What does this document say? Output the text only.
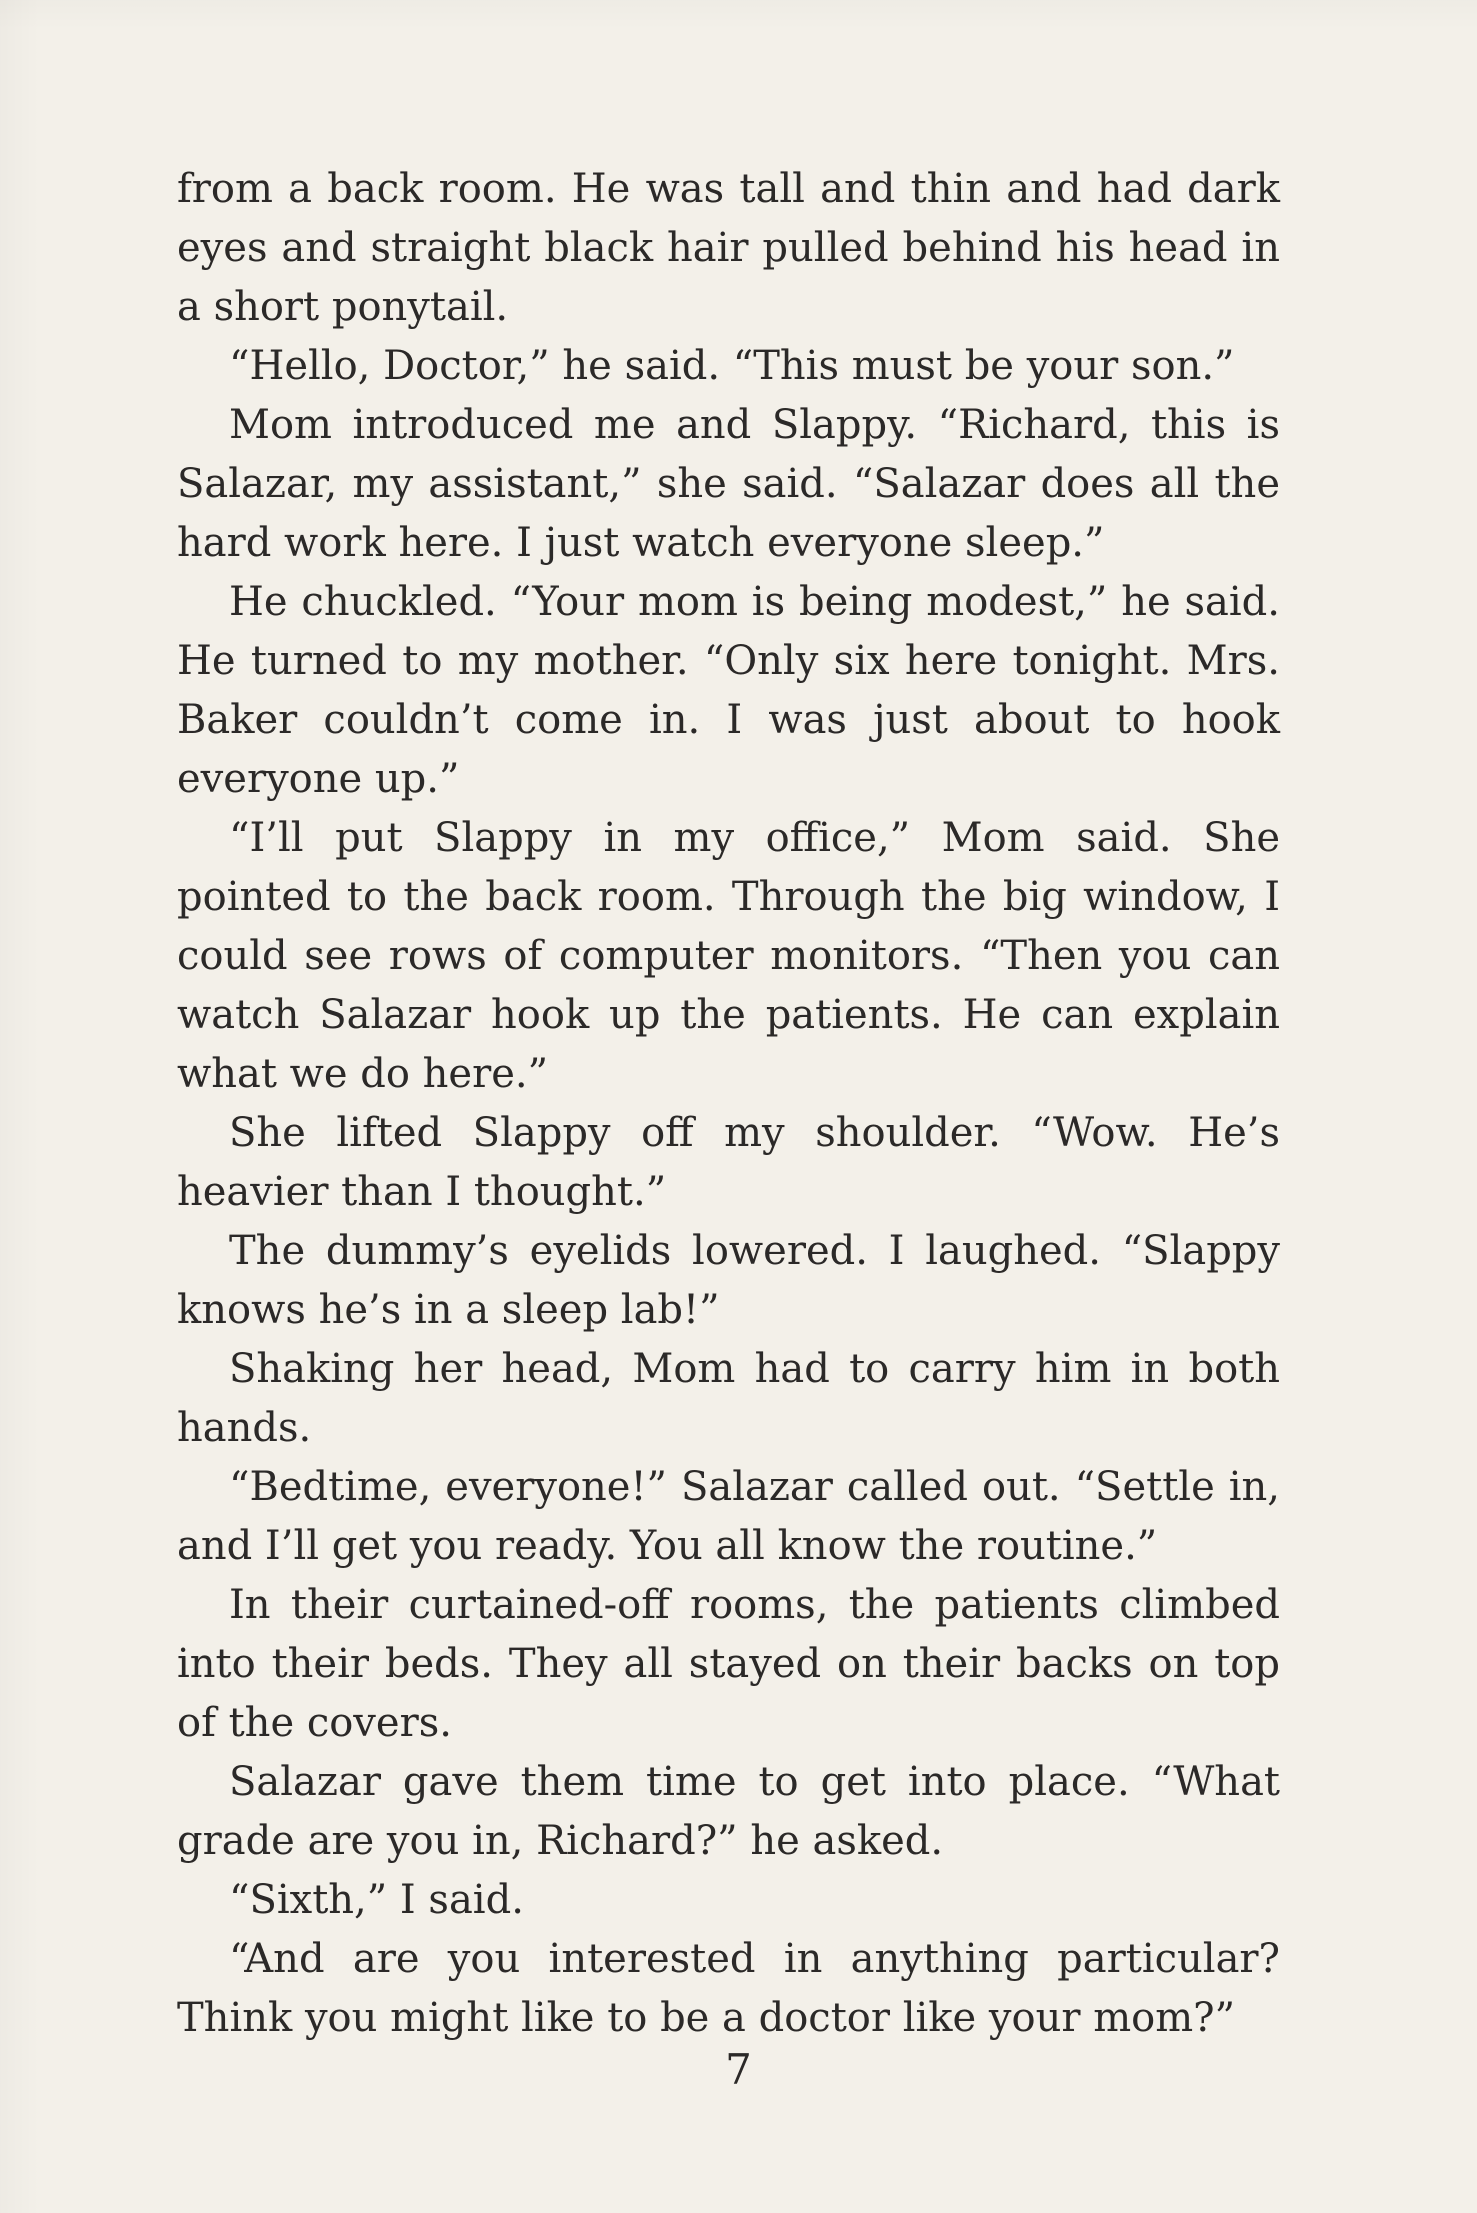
from a back room. He was tall and thin and had dark eyes and straight black hair pulled behind his head in a short ponytail.

“Hello, Doctor,” he said. “This must be your son.”

Mom introduced me and Slappy. “Richard, this is Salazar, my assistant,” she said. “Salazar does all the hard work here. I just watch everyone sleep.”

He chuckled. “Your mom is being modest,” he said. He turned to my mother. “Only six here tonight. Mrs. Baker couldn’t come in. I was just about to hook everyone up.”

“I’ll put Slappy in my office,” Mom said. She pointed to the back room. Through the big window, I could see rows of computer monitors. “Then you can watch Salazar hook up the patients. He can explain what we do here.”

She lifted Slappy off my shoulder. “Wow. He’s heavier than I thought.”

The dummy’s eyelids lowered. I laughed. “Slappy knows he’s in a sleep lab!”

Shaking her head, Mom had to carry him in both hands.

“Bedtime, everyone!” Salazar called out. “Settle in, and I’ll get you ready. You all know the routine.”

In their curtained-off rooms, the patients climbed into their beds. They all stayed on their backs on top of the covers.

Salazar gave them time to get into place. “What grade are you in, Richard?” he asked.

“Sixth,” I said.

“And are you interested in anything particular? Think you might like to be a doctor like your mom?”

7
